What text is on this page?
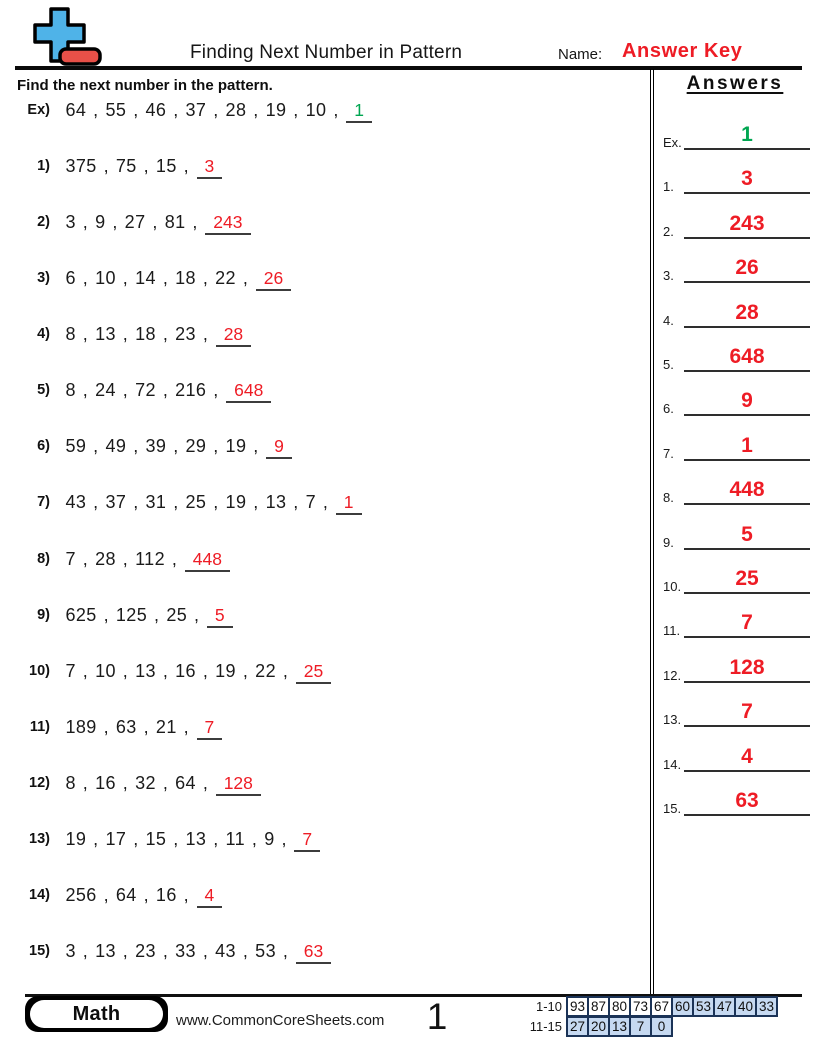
Finding Next Number in Pattern	Name: Answer Key
Find the next number in the pattern.
Ex) 64 , 55 , 46 , 37 , 28 , 19 , 10 , 1
1) 375 , 75 , 15 , 3
2) 3 , 9 , 27 , 81 , 243
3) 6 , 10 , 14 , 18 , 22 , 26
4) 8 , 13 , 18 , 23 , 28
5) 8 , 24 , 72 , 216 , 648
6) 59 , 49 , 39 , 29 , 19 , 9
7) 43 , 37 , 31 , 25 , 19 , 13 , 7 , 1
8) 7 , 28 , 112 , 448
9) 625 , 125 , 25 , 5
10) 7 , 10 , 13 , 16 , 19 , 22 , 25
11) 189 , 63 , 21 , 7
12) 8 , 16 , 32 , 64 , 128
13) 19 , 17 , 15 , 13 , 11 , 9 , 7
14) 256 , 64 , 16 , 4
15) 3 , 13 , 23 , 33 , 43 , 53 , 63
Answers
Ex.	1
1.	3
2.	243
3.	26
4.	28
5.	648
6.	9
7.	1
8.	448
9.	5
10.	25
11.	7
12.	128
13.	7
14.	4
15.	63
Math	www.CommonCoreSheets.com	1	1-10 93 87 80 73 67 60 53 47 40 33
11-15 27 20 13 7 0
